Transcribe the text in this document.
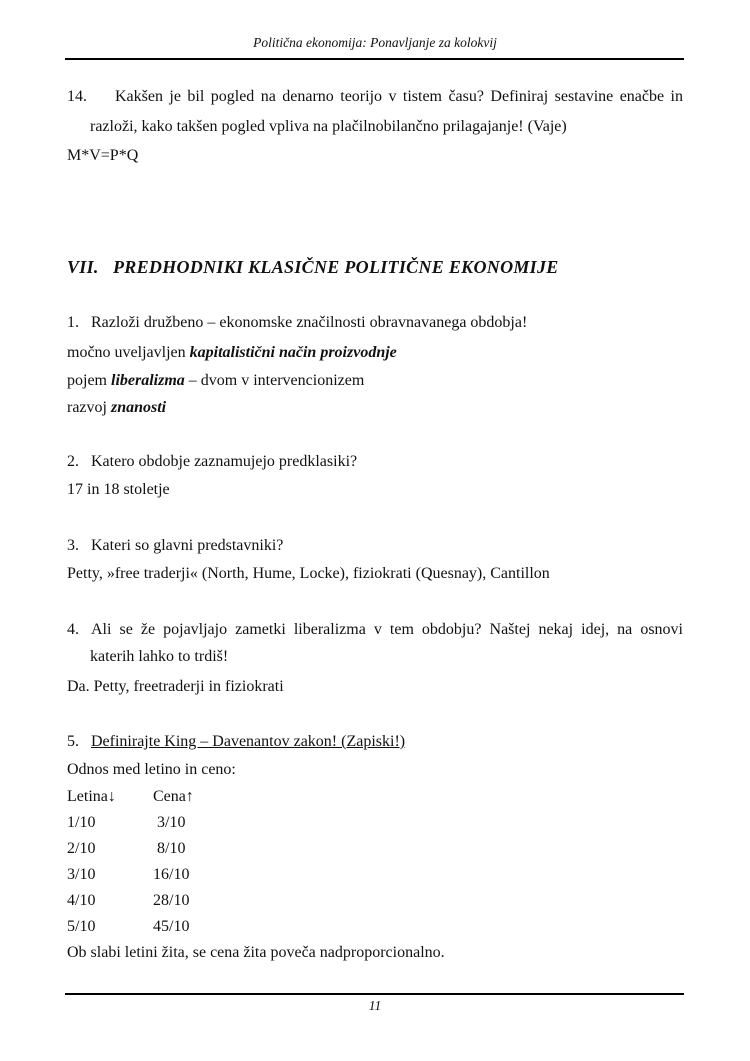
Politična ekonomija: Ponavljanje za kolokvij
14. Kakšen je bil pogled na denarno teorijo v tistem času? Definiraj sestavine enačbe in
razloži, kako takšen pogled vpliva na plačilnobilančno prilagajanje! (Vaje)
M*V=P*Q
VII. PREDHODNIKI KLASIČNE POLITIČNE EKONOMIJE
1. Razloži družbeno – ekonomske značilnosti obravnavanega obdobja!
močno uveljavljen kapitalistični način proizvodnje
pojem liberalizma – dvom v intervencionizem
razvoj znanosti
2. Katero obdobje zaznamujejo predklasiki?
17 in 18 stoletje
3. Kateri so glavni predstavniki?
Petty, »free traderji« (North, Hume, Locke), fiziokrati (Quesnay), Cantillon
4. Ali se že pojavljajo zametki liberalizma v tem obdobju? Naštej nekaj idej, na osnovi
katerih lahko to trdiš!
Da. Petty, freetraderji in fiziokrati
5. Definirajte King – Davenantov zakon! (Zapiski!)
Odnos med letino in ceno:
Letina↓ Cena↑
1/10	3/10
2/10	8/10
3/10	16/10
4/10	28/10
5/10	45/10
Ob slabi letini žita, se cena žita poveča nadproporcionalno.
11
